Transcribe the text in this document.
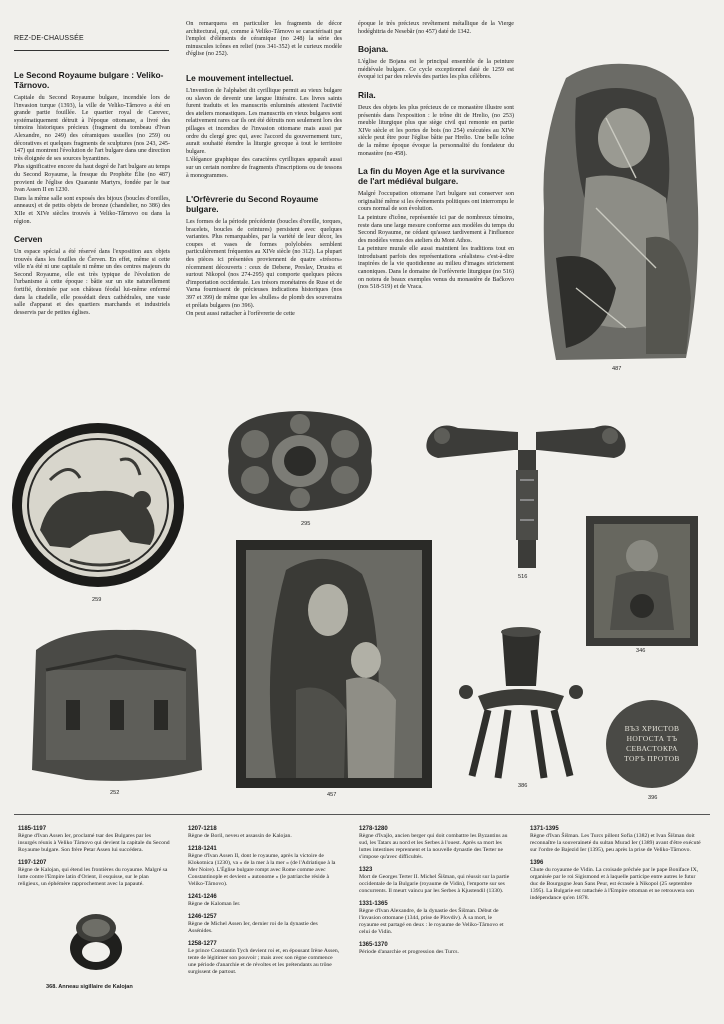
REZ-DE-CHAUSSÉE
Le Second Royaume bulgare : Veliko-Tărnovo.

Capitale du Second Royaume bulgare, incendiée lors de l'invasion turque (1393), la ville de Veliko-Tărnovo a été en grande partie fouillée. Le quartier royal de Carevec, systématiquement détruit à l'époque ottomane, a livré des témoins historiques précieux (fragment du tombeau d'Ivan Alexandre, no 249) des céramiques usuelles (no 259) ou décoratives et quelques fragments de sculptures (nos 243, 245-147) qui montrent l'évolution de l'art bulgare dans une direction très éloignée de ses sources byzantines.

Plus significative encore du haut degré de l'art bulgare au temps du Second Royaume, la fresque du Prophète Élie (no 487) provient de l'église des Quarante Martyrs, fondée par le tsar Ivan Assen II en 1230.

Dans la même salle sont exposés des bijoux (boucles d'oreilles, anneaux) et de petits objets de bronze (chandelier, no 386) des XIIe et XIVe siècles trouvés à Veliko-Tărnovo ou dans la région.

Cerven

Un espace spécial a été réservé dans l'exposition aux objets trouvés dans les fouilles de Červen. En effet, même si cette ville n'a été ni une capitale ni même un des centres majeurs du Second Royaume, elle est très typique de l'évolution de l'urbanisme à cette époque : bâtie sur un site naturellement fortifié, dominée par son château féodal lui-même enfermé dans la citadelle, elle possédait deux cathédrales, une vaste salle d'apparat et des quartiers marchands et industriels desservis par de petites églises.

On remarquera en particulier les fragments de décor architectural, qui, comme à Veliko-Tărnovo se caractérisait par l'emploi d'éléments de céramique (no 248) la série des minuscules icônes en relief (nos 341-352) et le curieux modèle d'église (no 252).

Le mouvement intellectuel.

L'invention de l'alphabet dit cyrillique permit au vieux bulgare ou slavon de devenir une langue littéraire. Les livres saints furent traduits et les manuscrits enluminés attestent l'activité des ateliers monastiques. Les manuscrits en vieux bulgares sont relativement rares car ils ont été détruits non seulement lors des pillages et incendies de l'invasion ottomane mais aussi par ordre du clergé grec qui, avec l'accord du gouvernement turc, aurait souhaité étendre la liturgie grecque à tout le territoire bulgare.

L'élégance graphique des caractères cyrilliques apparaît aussi sur un certain nombre de fragments d'inscriptions ou de tessons à monogrammes.

L'Orfèvrerie du Second Royaume bulgare.

Les formes de la période précédente (boucles d'oreille, torques, bracelets, boucles de ceintures) persistent avec quelques variantes. Plus remarquables, par la variété de leur décor, les coupes et vases de formes polylobées semblent particulièrement fréquentes au XIVe siècle (no 312). La plupart des pièces ici présentées proviennent de quatre «trésors» récemment découverts : ceux de Debene, Preslav, Drustra et surtout Nikopol (nos 274-295) qui comporte quelques pièces d'importation occidentale. Les trésors monétaires de Ruse et de Varna fournissent de précieuses indications historiques (nos 397 et 399) de même que les «bulles» de plomb des souverains et prélats bulgares (no 396).

On peut aussi rattacher à l'orfèvrerie de cette

époque le très précieux revêtement métallique de la Vierge hodéghitria de Nesebăr (no 457) daté de 1342.

Bojana.

L'église de Bojana est le principal ensemble de la peinture médiévale bulgare. Ce cycle exceptionnel daté de 1259 est évoqué ici par des relevés des parties les plus célèbres.

Rila.

Deux des objets les plus précieux de ce monastère illustre sont présentés dans l'exposition : le trône dit de Hrelio, (no 253) meuble liturgique plus que siège civil qui remonte en partie XIVe siècle et les portes de bois (no 254) exécutées au XIVe siècle peut être pour l'église bâtie par Hrelio. Une belle icône de la même époque évoque la personnalité du fondateur du monastère (no 458).

La fin du Moyen Age et la survivance de l'art médiéval bulgare.

Malgré l'occupation ottomane l'art bulgare sut conserver son originalité même si les événements politiques ont interrompu le cours normal de son évolution.

La peinture d'icône, représentée ici par de nombreux témoins, reste dans une large mesure conforme aux modèles du temps du Second Royaume, ne cédant qu'assez tardivement à l'influence des modèles venus des ateliers du Mont Athos.

La peinture murale elle aussi maintient les traditions tout en introduisant parfois des représentations «réalistes» c'est-à-dire inspirées de la vie quotidienne au milieu d'images strictement canoniques. Dans le domaine de l'orfèvrerie liturgique (no 516) on notera de beaux exemples venus du monastère de Bačkovo (nos 518-519) et de Vraca.

487
259
295
516
346
252	457
386
ВЪЗ ХРИСТОВ
НОГОСТА ТЪ
СЕВАСТОКРА
ТОРЪ ПРОТОВ
396

1185-1197
Règne d'Ivan Assen Ier, proclamé tsar des Bulgares par les insurgés réunis à Veliko Tărnovo qui devient la capitale du Second Royaume bulgare. Son frère Petar Assen lui succédera.

1197-1207
Règne de Kalojan, qui étend les frontières du royaume. Malgré sa lutte contre l'Empire latin d'Orient, il esquisse, sur le plan religieux, un éphémère rapprochement avec la papauté.

368. Anneau sigillaire de Kalojan

1207-1218
Règne de Boril, neveu et assassin de Kalojan.

1218-1241
Règne d'Ivan Assen II, dont le royaume, après la victoire de Klokotnica (1230), va « de la mer à la mer » (de l'Adriatique à la Mer Noire). L'Église bulgare rompt avec Rome comme avec Constantinople et devient « autonome » (le patriarche réside à Veliko-Tărnovo).

1241-1246
Règne de Kaloman Ier.

1246-1257
Règne de Michel Assen Ier, dernier roi de la dynastie des Assénides.

1258-1277
Le prince Constantin Tych devient roi et, en épousant Irène Assen, tente de légitimer son pouvoir ; mais avec son règne commence une période d'anarchie et de révoltes et les prétendants au trône surgissent de partout.

1278-1280
Règne d'Ivajlo, ancien berger qui doit combattre les Byzantins au sud, les Tatars au nord et les Serbes à l'ouest. Après sa mort les luttes intestines reprennent et la nouvelle dynastie des Terter ne s'impose qu'avec difficultés.

1323
Mort de Georges Terter II. Michel Šišman, qui réussit sur la partie occidentale de la Bulgarie (royaume de Vidin), l'emporte sur ses concurrents. Il meurt vaincu par les Serbes à Kjustendil (1330).

1331-1365
Règne d'Ivan Alexandre, de la dynastie des Šišman. Début de l'invasion ottomane (1344, prise de Plovdiv). À sa mort, le royaume est partagé en deux : le royaume de Veliko-Tărnovo et celui de Vidin.

1365-1370
Période d'anarchie et progression des Turcs.

1371-1395
Règne d'Ivan Šišman. Les Turcs pillent Sofia (1382) et Ivan Šišman doit reconnaître la souveraineté du sultan Murad Ier (1389) avant d'être exécuté sur l'ordre de Bajezid Ier (1395), peu après la prise de Veliko-Tărnovo.

1396
Chute du royaume de Vidin. La croisade prêchée par le pape Boniface IX, organisée par le roi Sigismond et à laquelle participe entre autres le futur duc de Bourgogne Jean Sans Peur, est écrasée à Nikopol (25 septembre 1395). La Bulgarie est rattachée à l'Empire ottoman et ne retrouvera son indépendance qu'en 1878.
